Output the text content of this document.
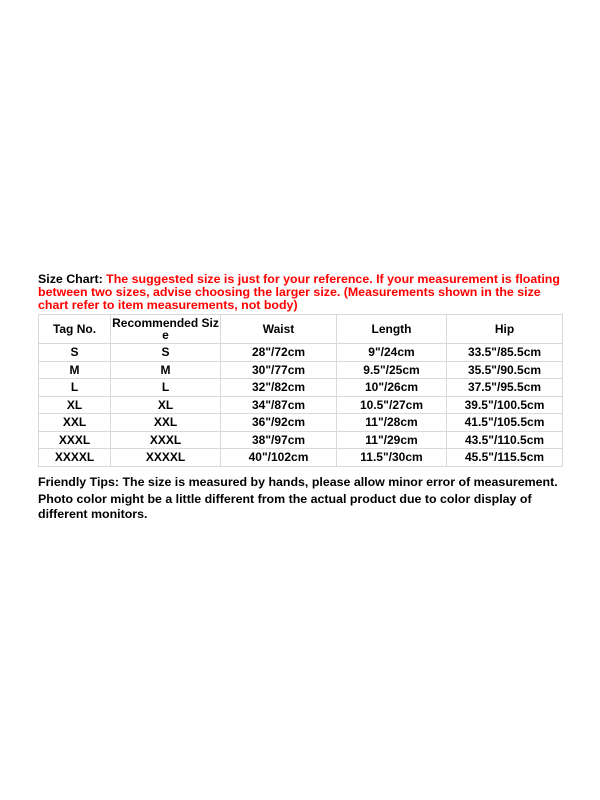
Size Chart: The suggested size is just for your reference. If your measurement is floating between two sizes, advise choosing the larger size. (Measurements shown in the size chart refer to item measurements, not body)

Tag No.	Recommended Size	Waist	Length	Hip
S	S	28"/72cm	9"/24cm	33.5"/85.5cm
M	M	30"/77cm	9.5"/25cm	35.5"/90.5cm
L	L	32"/82cm	10"/26cm	37.5"/95.5cm
XL	XL	34"/87cm	10.5"/27cm	39.5"/100.5cm
XXL	XXL	36"/92cm	11"/28cm	41.5"/105.5cm
XXXL	XXXL	38"/97cm	11"/29cm	43.5"/110.5cm
XXXXL	XXXXL	40"/102cm	11.5"/30cm	45.5"/115.5cm

Friendly Tips: The size is measured by hands, please allow minor error of measurement.

Photo color might be a little different from the actual product due to color display of different monitors.
